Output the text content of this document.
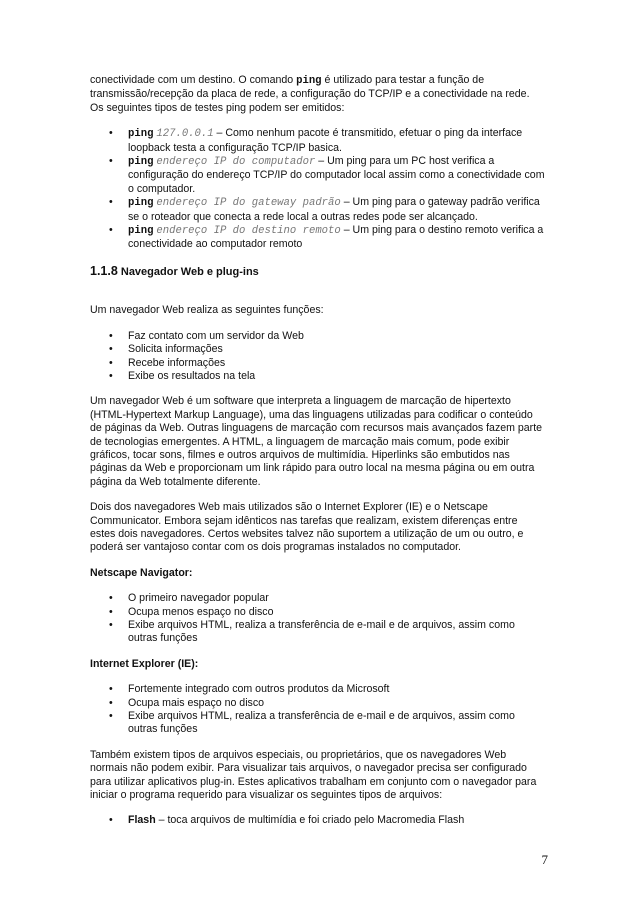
conectividade com um destino. O comando ping é utilizado para testar a função de transmissão/recepção da placa de rede, a configuração do TCP/IP e a conectividade na rede. Os seguintes tipos de testes ping podem ser emitidos:

• ping 127.0.0.1 – Como nenhum pacote é transmitido, efetuar o ping da interface loopback testa a configuração TCP/IP basica.
• ping endereço IP do computador – Um ping para um PC host verifica a configuração do endereço TCP/IP do computador local assim como a conectividade com o computador.
• ping endereço IP do gateway padrão – Um ping para o gateway padrão verifica se o roteador que conecta a rede local a outras redes pode ser alcançado.
• ping endereço IP do destino remoto – Um ping para o destino remoto verifica a conectividade ao computador remoto

1.1.8 Navegador Web e plug-ins

Um navegador Web realiza as seguintes funções:

• Faz contato com um servidor da Web
• Solicita informações
• Recebe informações
• Exibe os resultados na tela

Um navegador Web é um software que interpreta a linguagem de marcação de hipertexto (HTML-Hypertext Markup Language), uma das linguagens utilizadas para codificar o conteúdo de páginas da Web. Outras linguagens de marcação com recursos mais avançados fazem parte de tecnologias emergentes. A HTML, a linguagem de marcação mais comum, pode exibir gráficos, tocar sons, filmes e outros arquivos de multimídia. Hiperlinks são embutidos nas páginas da Web e proporcionam um link rápido para outro local na mesma página ou em outra página da Web totalmente diferente.

Dois dos navegadores Web mais utilizados são o Internet Explorer (IE) e o Netscape Communicator. Embora sejam idênticos nas tarefas que realizam, existem diferenças entre estes dois navegadores. Certos websites talvez não suportem a utilização de um ou outro, e poderá ser vantajoso contar com os dois programas instalados no computador.

Netscape Navigator:

• O primeiro navegador popular
• Ocupa menos espaço no disco
• Exibe arquivos HTML, realiza a transferência de e-mail e de arquivos, assim como outras funções

Internet Explorer (IE):

• Fortemente integrado com outros produtos da Microsoft
• Ocupa mais espaço no disco
• Exibe arquivos HTML, realiza a transferência de e-mail e de arquivos, assim como outras funções

Também existem tipos de arquivos especiais, ou proprietários, que os navegadores Web normais não podem exibir. Para visualizar tais arquivos, o navegador precisa ser configurado para utilizar aplicativos plug-in. Estes aplicativos trabalham em conjunto com o navegador para iniciar o programa requerido para visualizar os seguintes tipos de arquivos:

• Flash – toca arquivos de multimídia e foi criado pelo Macromedia Flash
7
